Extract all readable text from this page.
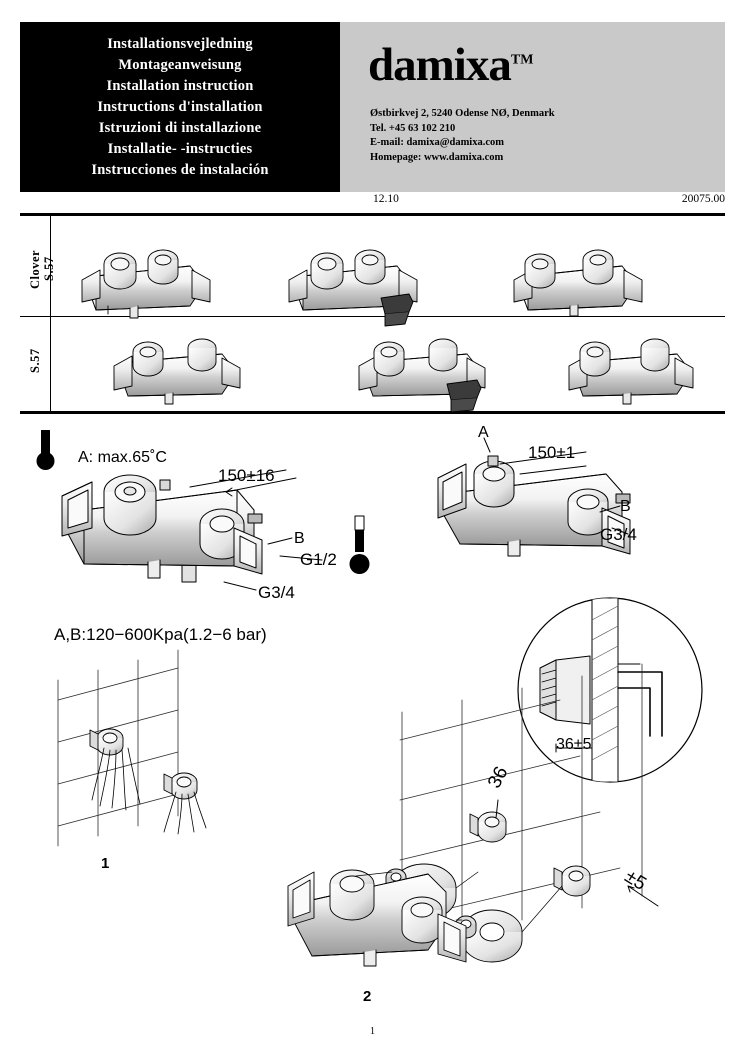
Installationsvejledning
Montageanweisung
Installation instruction
Instructions d'installation
Istruzioni di installazione
Installatie- -instructies
Instrucciones de instalación
damixa™
Østbirkvej 2, 5240 Odense NØ, Denmark
Tel. +45 63 102 210
E-mail: damixa@damixa.com
Homepage: www.damixa.com
12.10	20075.00
Clover
S.57
S.57
A: max.65˚C
150±16
B
G1/2
G3/4
A,B:120−600Kpa(1.2−6 bar)
A
150±1
B
G3/4
36±5
36
±5
1
2
1
